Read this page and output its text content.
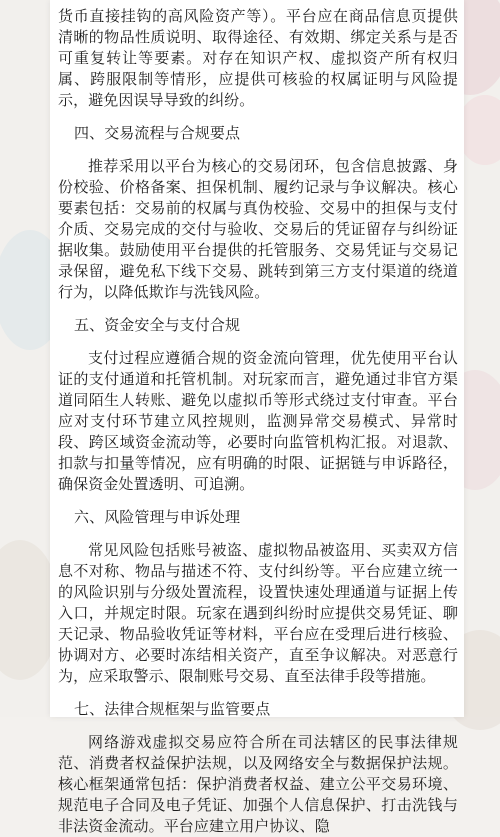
货币直接挂钩的高风险资产等）。平台应在商品信息页提供清晰的物品性质说明、取得途径、有效期、绑定关系与是否可重复转让等要素。对存在知识产权、虚拟资产所有权归属、跨服限制等情形，应提供可核验的权属证明与风险提示，避免因误导导致的纠纷。

四、交易流程与合规要点

推荐采用以平台为核心的交易闭环，包含信息披露、身份校验、价格备案、担保机制、履约记录与争议解决。核心要素包括：交易前的权属与真伪校验、交易中的担保与支付介质、交易完成的交付与验收、交易后的凭证留存与纠纷证据收集。鼓励使用平台提供的托管服务、交易凭证与交易记录保留，避免私下线下交易、跳转到第三方支付渠道的绕道行为，以降低欺诈与洗钱风险。

五、资金安全与支付合规

支付过程应遵循合规的资金流向管理，优先使用平台认证的支付通道和托管机制。对玩家而言，避免通过非官方渠道同陌生人转账、避免以虚拟币等形式绕过支付审查。平台应对支付环节建立风控规则，监测异常交易模式、异常时段、跨区域资金流动等，必要时向监管机构汇报。对退款、扣款与扣量等情况，应有明确的时限、证据链与申诉路径，确保资金处置透明、可追溯。

六、风险管理与申诉处理

常见风险包括账号被盗、虚拟物品被盗用、买卖双方信息不对称、物品与描述不符、支付纠纷等。平台应建立统一的风险识别与分级处置流程，设置快速处理通道与证据上传入口，并规定时限。玩家在遇到纠纷时应提供交易凭证、聊天记录、物品验收凭证等材料，平台应在受理后进行核验、协调对方、必要时冻结相关资产，直至争议解决。对恶意行为，应采取警示、限制账号交易、直至法律手段等措施。

七、法律合规框架与监管要点

网络游戏虚拟交易应符合所在司法辖区的民事法律规范、消费者权益保护法规，以及网络安全与数据保护法规。核心框架通常包括：保护消费者权益、建立公平交易环境、规范电子合同及电子凭证、加强个人信息保护、打击洗钱与非法资金流动。平台应建立用户协议、隐
